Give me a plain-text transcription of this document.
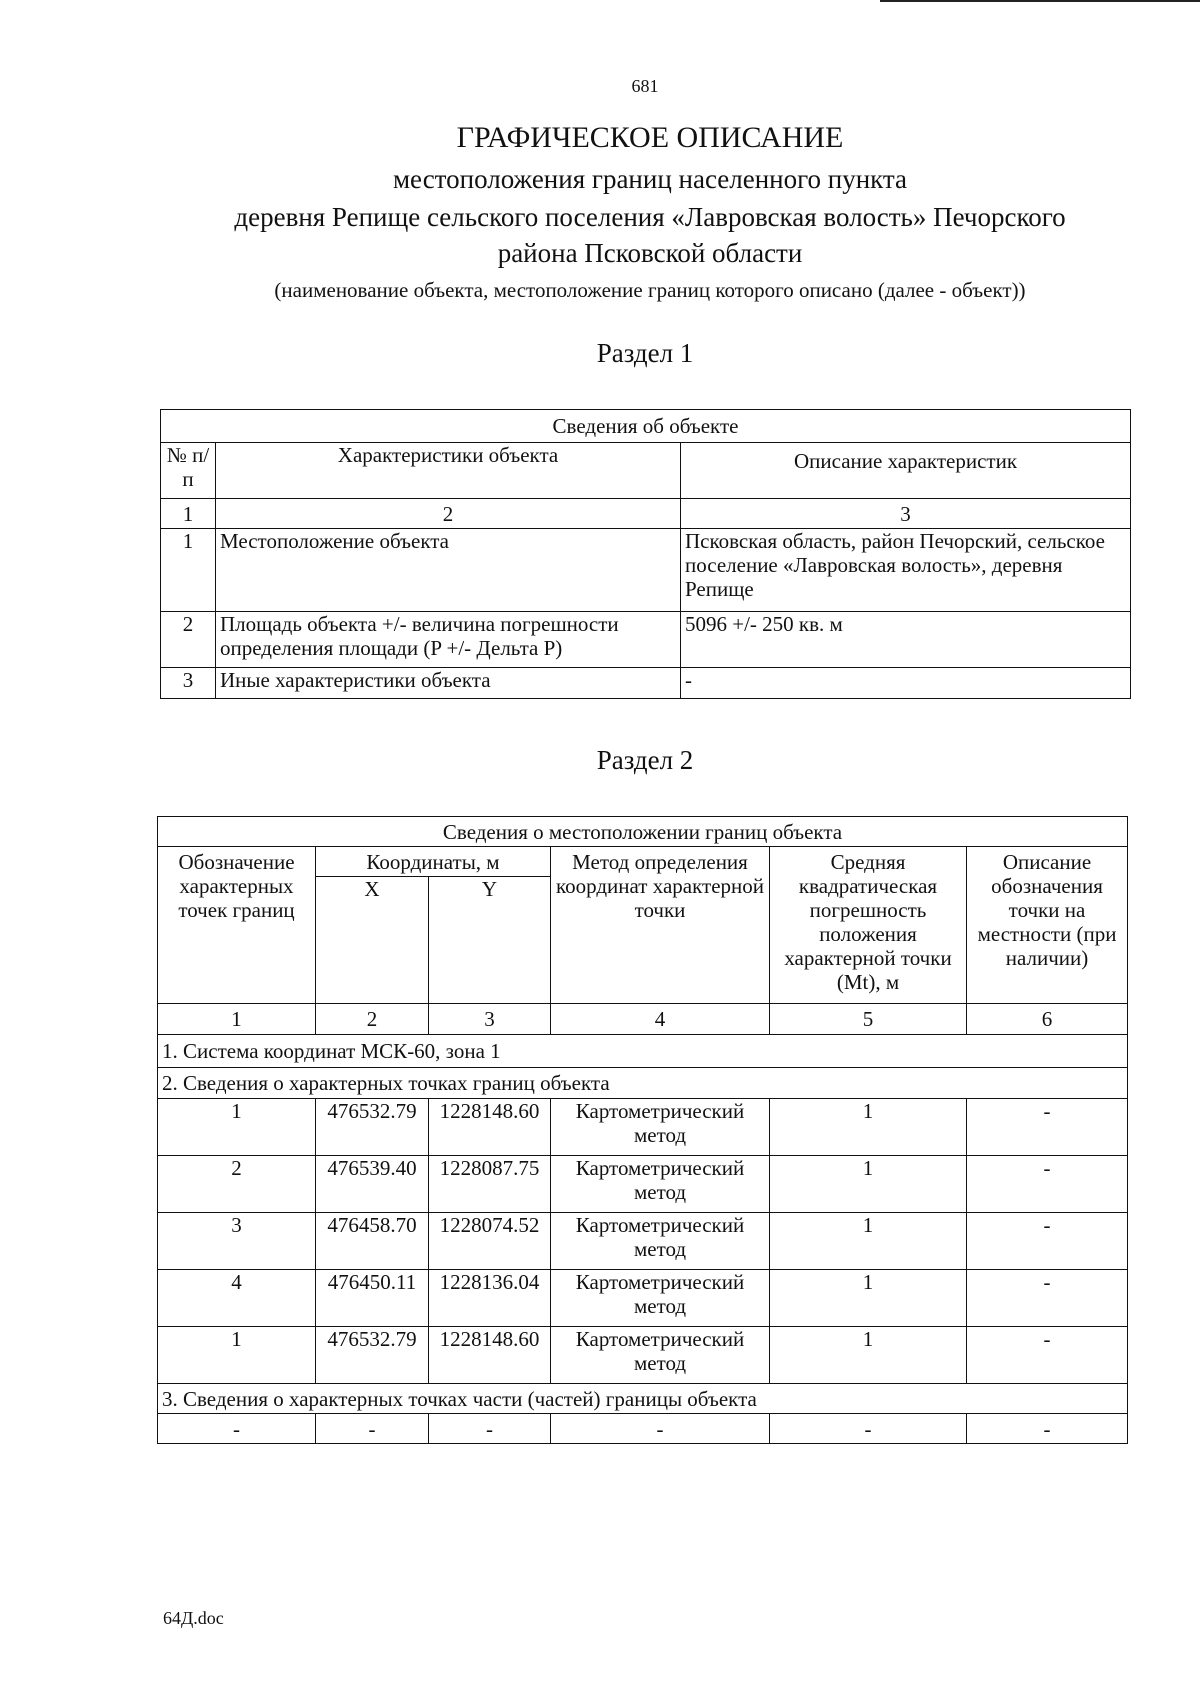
681
ГРАФИЧЕСКОЕ ОПИСАНИЕ
местоположения границ населенного пункта
деревня Репище сельского поселения «Лавровская волость» Печорского
района Псковской области
(наименование объекта, местоположение границ которого описано (далее - объект))
Раздел 1
Сведения об объекте		
№ п/п	Характеристики объекта	Описание характеристик
1	2	3
1	Местоположение объекта	Псковская область, район Печорский, сельское поселение «Лавровская волость», деревня Репище
2	Площадь объекта +/- величина погрешности определения площади (P +/- Дельта P)	5096 +/- 250 кв. м
3	Иные характеристики объекта	-
Раздел 2
Сведения о местоположении границ объекта					
Обозначение характерных точек границ	Координаты, м		Метод определения координат характерной точки	Средняя квадратическая погрешность положения характерной точки (Mt), м	Описание обозначения точки на местности (при наличии)
	X	Y			
1	2	3	4	5	6
1. Система координат МСК-60, зона 1					
2. Сведения о характерных точках границ объекта					
1	476532.79	1228148.60	Картометрический метод	1	-
2	476539.40	1228087.75	Картометрический метод	1	-
3	476458.70	1228074.52	Картометрический метод	1	-
4	476450.11	1228136.04	Картометрический метод	1	-
1	476532.79	1228148.60	Картометрический метод	1	-
3. Сведения о характерных точках части (частей) границы объекта					
-	-	-	-	-	-
64Д.doc
